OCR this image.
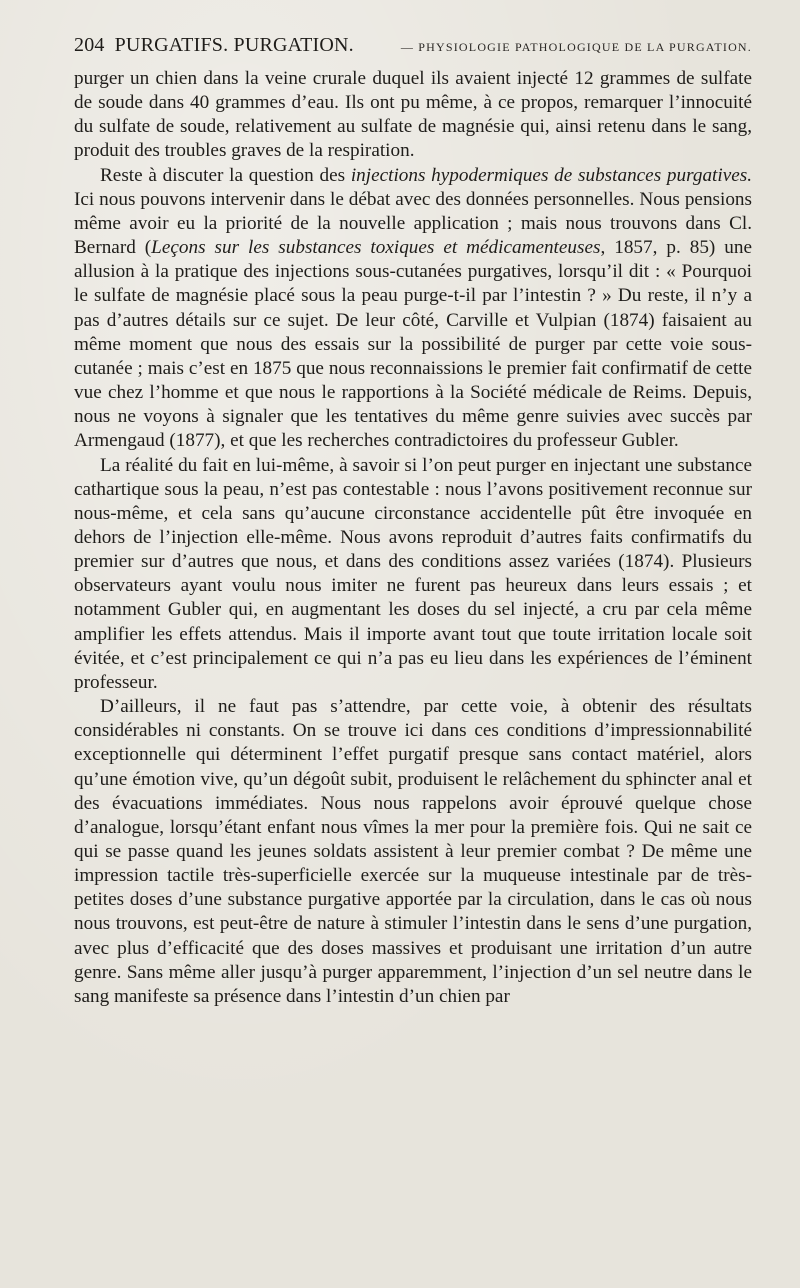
204 PURGATIFS. PURGATION.	— PHYSIOLOGIE PATHOLOGIQUE DE LA PURGATION.

purger un chien dans la veine crurale duquel ils avaient injecté 12 grammes de sulfate de soude dans 40 grammes d’eau. Ils ont pu même, à ce propos, remarquer l’innocuité du sulfate de soude, relativement au sulfate de magnésie qui, ainsi retenu dans le sang, produit des troubles graves de la respiration.

Reste à discuter la question des injections hypodermiques de substances purgatives. Ici nous pouvons intervenir dans le débat avec des données personnelles. Nous pensions même avoir eu la priorité de la nouvelle application ; mais nous trouvons dans Cl. Bernard (Leçons sur les substances toxiques et médicamenteuses, 1857, p. 85) une allusion à la pratique des injections sous-cutanées purgatives, lorsqu’il dit : « Pourquoi le sulfate de magnésie placé sous la peau purge-t-il par l’intestin ? » Du reste, il n’y a pas d’autres détails sur ce sujet. De leur côté, Carville et Vulpian (1874) faisaient au même moment que nous des essais sur la possibilité de purger par cette voie sous-cutanée ; mais c’est en 1875 que nous reconnaissions le premier fait confirmatif de cette vue chez l’homme et que nous le rapportions à la Société médicale de Reims. Depuis, nous ne voyons à signaler que les tentatives du même genre suivies avec succès par Armengaud (1877), et que les recherches contradictoires du professeur Gubler.

La réalité du fait en lui-même, à savoir si l’on peut purger en injectant une substance cathartique sous la peau, n’est pas contestable : nous l’avons positivement reconnue sur nous-même, et cela sans qu’aucune circonstance accidentelle pût être invoquée en dehors de l’injection elle-même. Nous avons reproduit d’autres faits confirmatifs du premier sur d’autres que nous, et dans des conditions assez variées (1874). Plusieurs observateurs ayant voulu nous imiter ne furent pas heureux dans leurs essais ; et notamment Gubler qui, en augmentant les doses du sel injecté, a cru par cela même amplifier les effets attendus. Mais il importe avant tout que toute irritation locale soit évitée, et c’est principalement ce qui n’a pas eu lieu dans les expériences de l’éminent professeur.

D’ailleurs, il ne faut pas s’attendre, par cette voie, à obtenir des résultats considérables ni constants. On se trouve ici dans ces conditions d’impressionnabilité exceptionnelle qui déterminent l’effet purgatif presque sans contact matériel, alors qu’une émotion vive, qu’un dégoût subit, produisent le relâchement du sphincter anal et des évacuations immédiates. Nous nous rappelons avoir éprouvé quelque chose d’analogue, lorsqu’étant enfant nous vîmes la mer pour la première fois. Qui ne sait ce qui se passe quand les jeunes soldats assistent à leur premier combat ? De même une impression tactile très-superficielle exercée sur la muqueuse intestinale par de très-petites doses d’une substance purgative apportée par la circulation, dans le cas où nous nous trouvons, est peut-être de nature à stimuler l’intestin dans le sens d’une purgation, avec plus d’efficacité que des doses massives et produisant une irritation d’un autre genre. Sans même aller jusqu’à purger apparemment, l’injection d’un sel neutre dans le sang manifeste sa présence dans l’intestin d’un chien par
